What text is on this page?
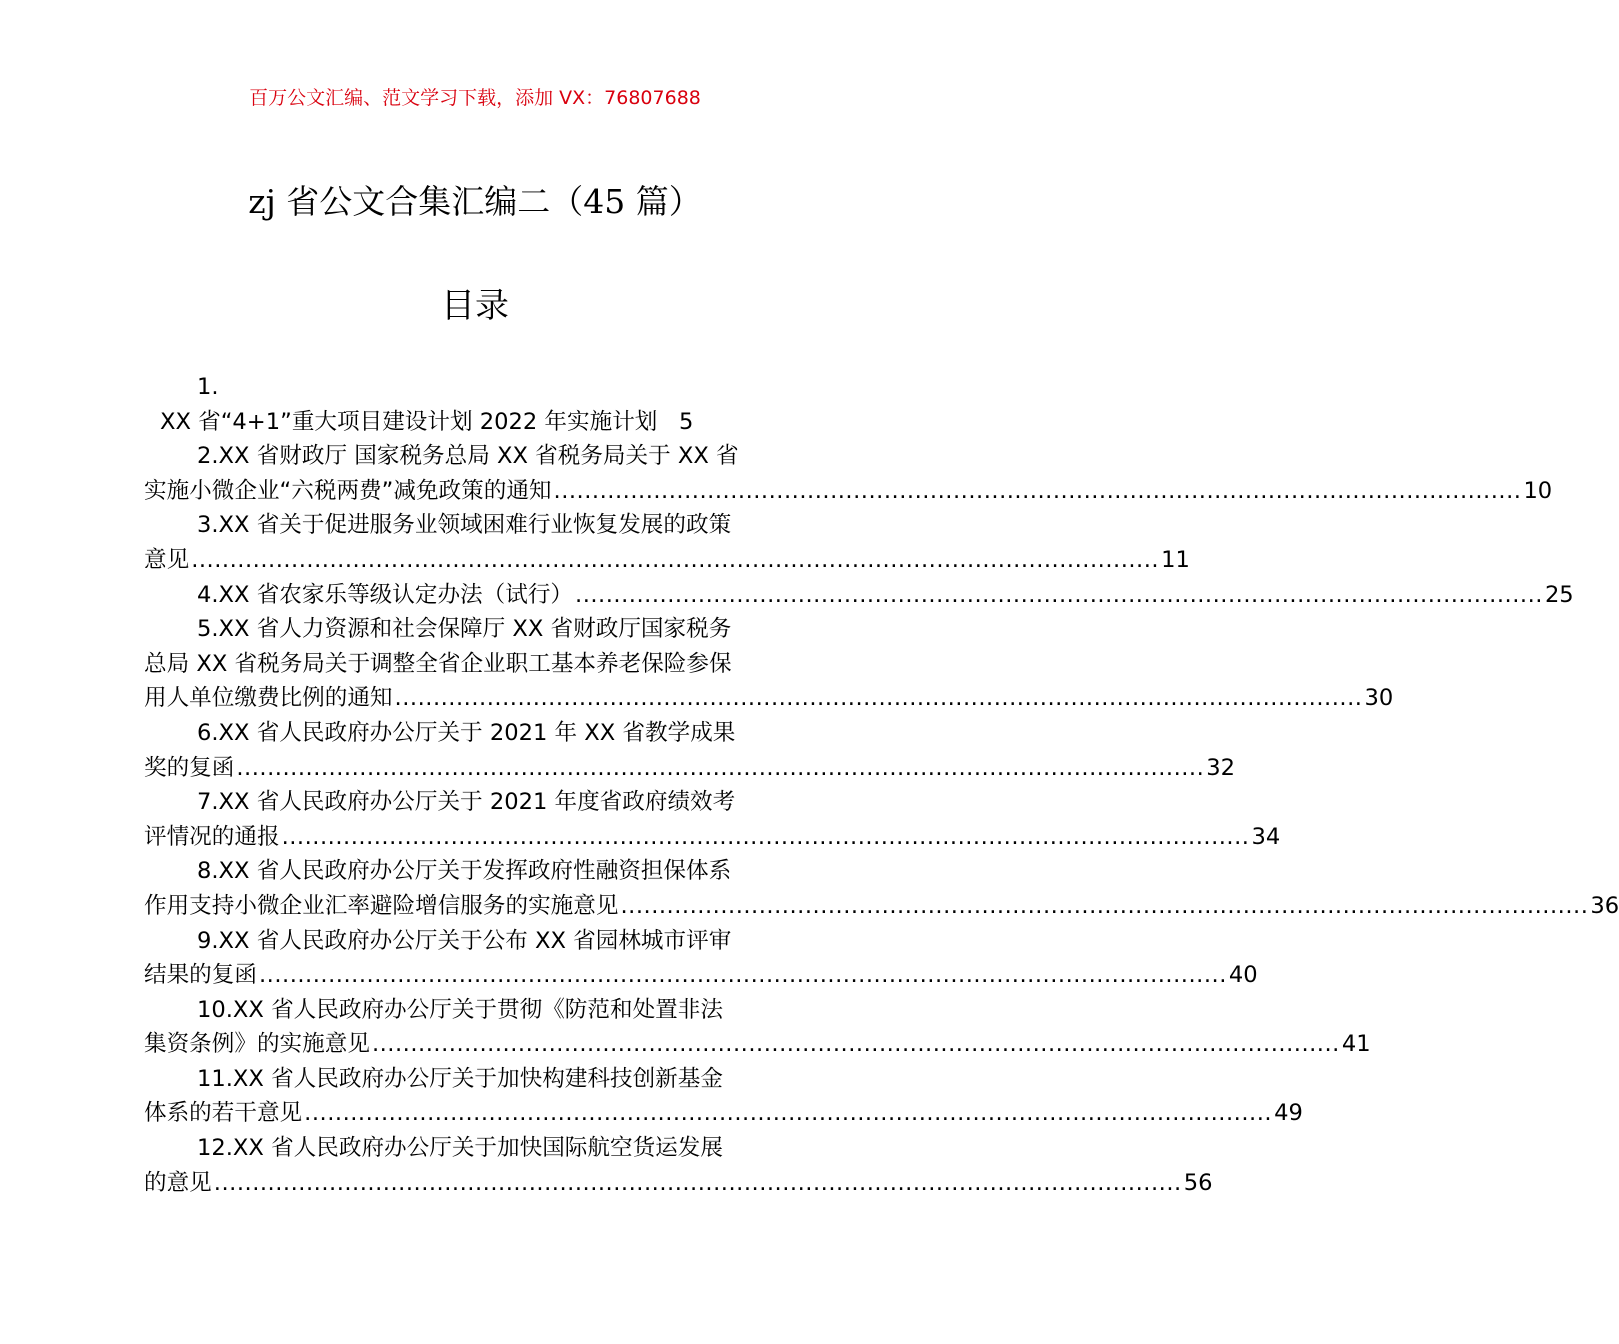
百万公文汇编、范文学习下载，添加 VX：76807688
zj 省公文合集汇编二（45 篇）
目录
1.
XX 省“4+1”重大项目建设计划 2022 年实施计划 5
2.XX 省财政厅 国家税务总局 XX 省税务局关于 XX 省
实施小微企业“六税两费”减免政策的通知 .............................................................................................................................. 10
3.XX 省关于促进服务业领域困难行业恢复发展的政策
意见 .............................................................................................................................. 11
4.XX 省农家乐等级认定办法（试行） .............................................................................................................................. 25
5.XX 省人力资源和社会保障厅 XX 省财政厅国家税务
总局 XX 省税务局关于调整全省企业职工基本养老保险参保
用人单位缴费比例的通知 .............................................................................................................................. 30
6.XX 省人民政府办公厅关于 2021 年 XX 省教学成果
奖的复函 .............................................................................................................................. 32
7.XX 省人民政府办公厅关于 2021 年度省政府绩效考
评情况的通报 .............................................................................................................................. 34
8.XX 省人民政府办公厅关于发挥政府性融资担保体系
作用支持小微企业汇率避险增信服务的实施意见 .............................................................................................................................. 36
9.XX 省人民政府办公厅关于公布 XX 省园林城市评审
结果的复函 .............................................................................................................................. 40
10.XX 省人民政府办公厅关于贯彻《防范和处置非法
集资条例》的实施意见 .............................................................................................................................. 41
11.XX 省人民政府办公厅关于加快构建科技创新基金
体系的若干意见 .............................................................................................................................. 49
12.XX 省人民政府办公厅关于加快国际航空货运发展
的意见 .............................................................................................................................. 56
